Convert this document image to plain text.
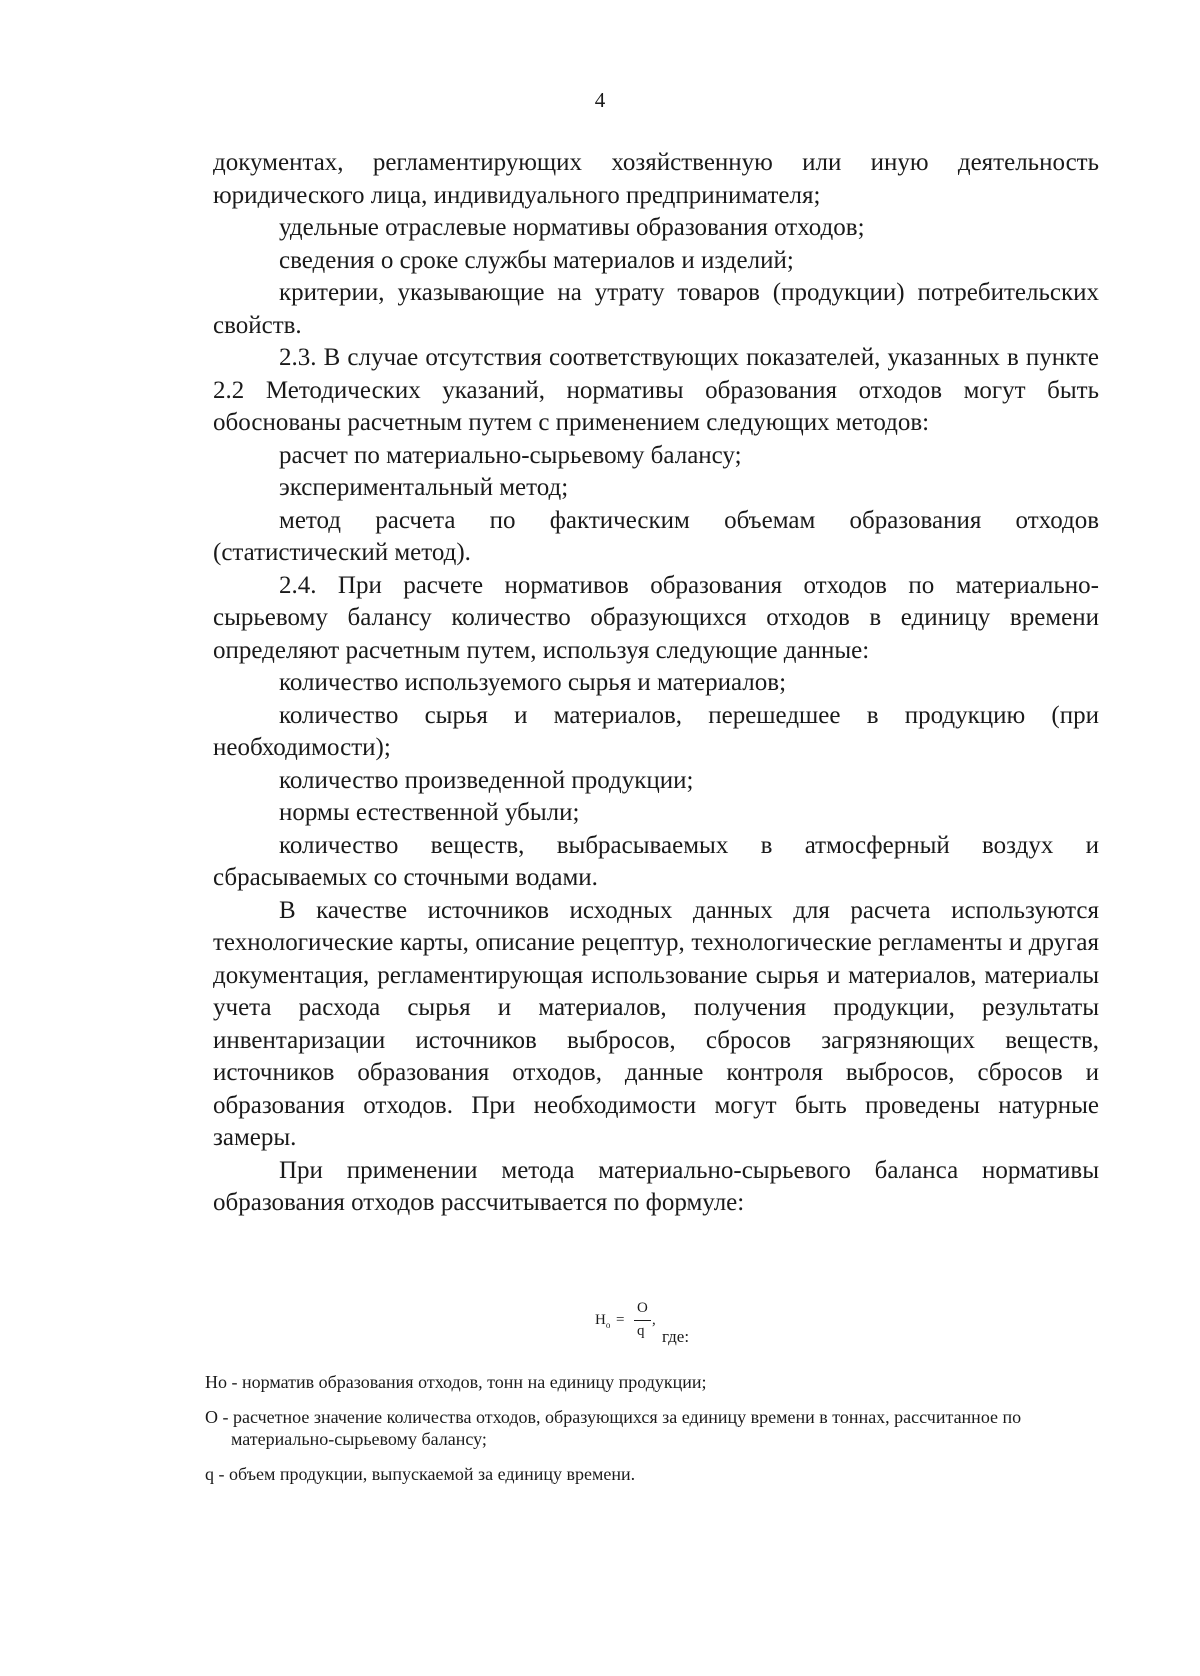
4

документах, регламентирующих хозяйственную или иную деятельность юридического лица, индивидуального предпринимателя;

удельные отраслевые нормативы образования отходов;

сведения о сроке службы материалов и изделий;

критерии, указывающие на утрату товаров (продукции) потребительских свойств.

2.3. В случае отсутствия соответствующих показателей, указанных в пункте 2.2 Методических указаний, нормативы образования отходов могут быть обоснованы расчетным путем с применением следующих методов:

расчет по материально-сырьевому балансу;

экспериментальный метод;

метод расчета по фактическим объемам образования отходов (статистический метод).

2.4. При расчете нормативов образования отходов по материально-сырьевому балансу количество образующихся отходов в единицу времени определяют расчетным путем, используя следующие данные:

количество используемого сырья и материалов;

количество сырья и материалов, перешедшее в продукцию (при необходимости);

количество произведенной продукции;

нормы естественной убыли;

количество веществ, выбрасываемых в атмосферный воздух и сбрасываемых со сточными водами.

В качестве источников исходных данных для расчета используются технологические карты, описание рецептур, технологические регламенты и другая документация, регламентирующая использование сырья и материалов, материалы учета расхода сырья и материалов, получения продукции, результаты инвентаризации источников выбросов, сбросов загрязняющих веществ, источников образования отходов, данные контроля выбросов, сбросов и образования отходов. При необходимости могут быть проведены натурные замеры.

При применении метода материально-сырьевого баланса нормативы образования отходов рассчитывается по формуле:

$Н_о$ =
О
q
,
где:

Но - норматив образования отходов, тонн на единицу продукции;

О - расчетное значение количества отходов, образующихся за единицу времени в тоннах, рассчитанное по материально-сырьевому балансу;

q - объем продукции, выпускаемой за единицу времени.
